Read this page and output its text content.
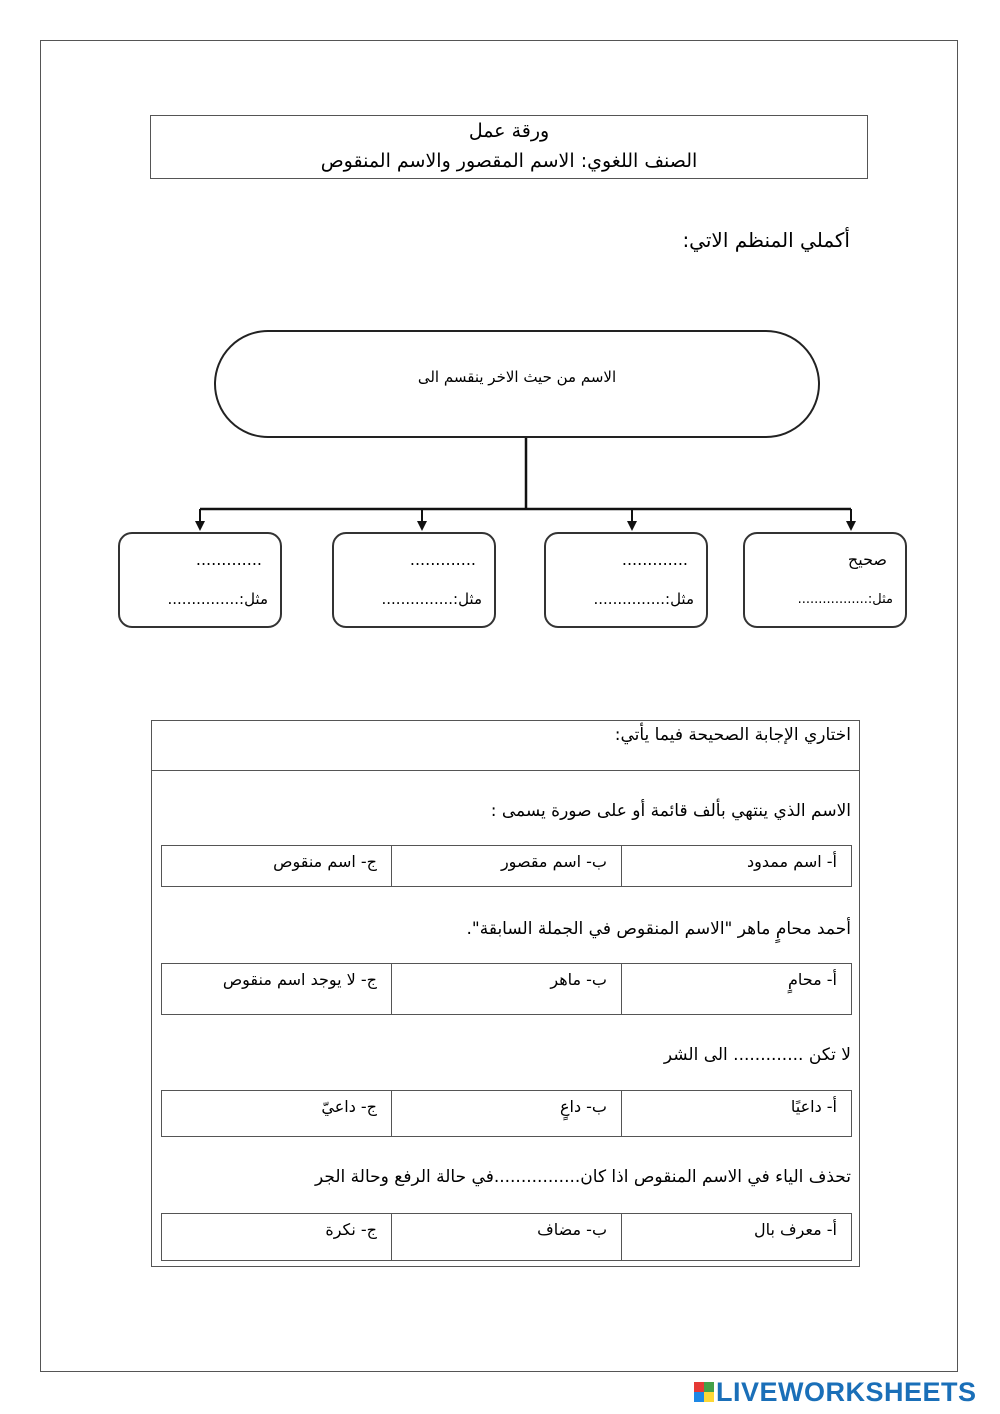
ورقة عمل
الصنف اللغوي: الاسم المقصور والاسم المنقوص
أكملي المنظم الاتي:
الاسم من حيث الاخر ينقسم الى
صحيح
مثل:.................
.............
مثل:...............
.............
مثل:...............
.............
مثل:...............
اختاري الإجابة الصحيحة فيما يأتي:
الاسم الذي ينتهي بألف قائمة أو على صورة يسمى :
أ- اسم ممدود
ب- اسم مقصور
ج- اسم منقوص
أحمد محامٍ ماهر "الاسم المنقوص في الجملة السابقة".
أ- محامٍ
ب- ماهر
ج- لا يوجد اسم منقوص
لا تكن ............. الى الشر
أ- داعيًا
ب- داعٍ
ج- داعيّ
تحذف الياء في الاسم المنقوص اذا كان................في حالة الرفع وحالة الجر
أ- معرف بال
ب- مضاف
ج- نكرة
LIVEWORKSHEETS
